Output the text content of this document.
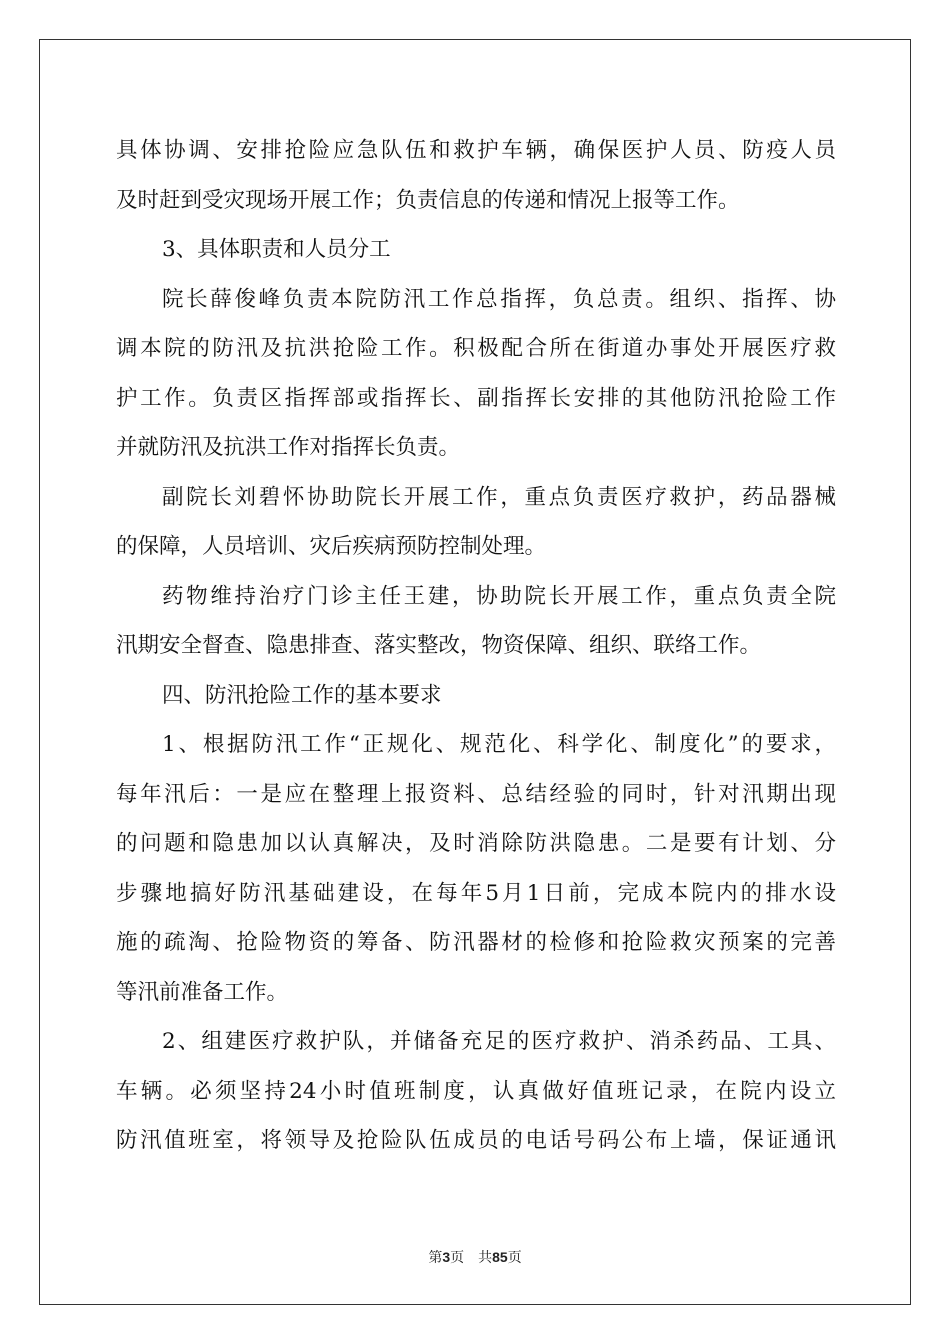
具体协调、安排抢险应急队伍和救护车辆，确保医护人员、防疫人员
及时赶到受灾现场开展工作；负责信息的传递和情况上报等工作。
3、具体职责和人员分工
院长薛俊峰负责本院防汛工作总指挥，负总责。组织、指挥、协
调本院的防汛及抗洪抢险工作。积极配合所在街道办事处开展医疗救
护工作。负责区指挥部或指挥长、副指挥长安排的其他防汛抢险工作
并就防汛及抗洪工作对指挥长负责。
副院长刘碧怀协助院长开展工作，重点负责医疗救护，药品器械
的保障，人员培训、灾后疾病预防控制处理。
药物维持治疗门诊主任王建，协助院长开展工作，重点负责全院
汛期安全督查、隐患排查、落实整改，物资保障、组织、联络工作。
四、防汛抢险工作的基本要求
1、根据防汛工作“正规化、规范化、科学化、制度化”的要求，
每年汛后：一是应在整理上报资料、总结经验的同时，针对汛期出现
的问题和隐患加以认真解决，及时消除防洪隐患。二是要有计划、分
步骤地搞好防汛基础建设，在每年5月1日前，完成本院内的排水设
施的疏淘、抢险物资的筹备、防汛器材的检修和抢险救灾预案的完善
等汛前准备工作。
2、组建医疗救护队，并储备充足的医疗救护、消杀药品、工具、
车辆。必须坚持24小时值班制度，认真做好值班记录，在院内设立
防汛值班室，将领导及抢险队伍成员的电话号码公布上墙，保证通讯
第3页　共85页
